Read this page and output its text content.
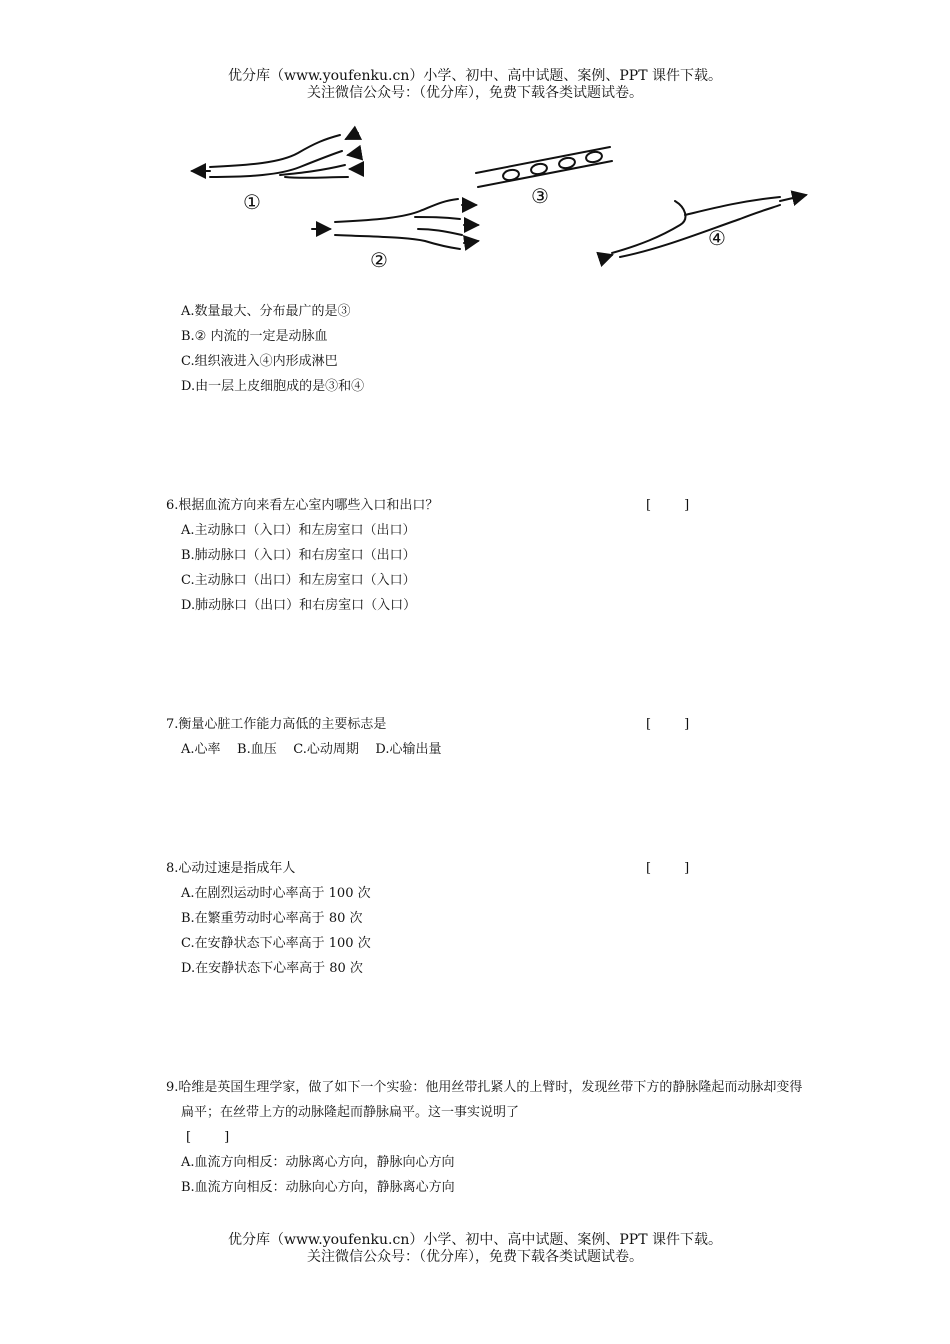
优分库（www.youfenku.cn）小学、初中、高中试题、案例、PPT 课件下载。
关注微信公众号：（优分库），免费下载各类试题试卷。
①
②
③
④
A.数量最大、分布最广的是③
B.② 内流的一定是动脉血
C.组织液进入④内形成淋巴
D.由一层上皮细胞成的是③和④
6.根据血流方向来看左心室内哪些入口和出口？	[        ]
A.主动脉口（入口）和左房室口（出口）
B.肺动脉口（入口）和右房室口（出口）
C.主动脉口（出口）和左房室口（入口）
D.肺动脉口（出口）和右房室口（入口）
7.衡量心脏工作能力高低的主要标志是	[        ]
A.心率    B.血压    C.心动周期    D.心输出量
8.心动过速是指成年人	[        ]
A.在剧烈运动时心率高于 100 次
B.在繁重劳动时心率高于 80 次
C.在安静状态下心率高于 100 次
D.在安静状态下心率高于 80 次
9.哈维是英国生理学家，做了如下一个实验：他用丝带扎紧人的上臂时，发现丝带下方的静脉隆起而动脉却变得
扁平；在丝带上方的动脉隆起而静脉扁平。这一事实说明了
[        ]
A.血流方向相反：动脉离心方向，静脉向心方向
B.血流方向相反：动脉向心方向，静脉离心方向
优分库（www.youfenku.cn）小学、初中、高中试题、案例、PPT 课件下载。
关注微信公众号：（优分库），免费下载各类试题试卷。
